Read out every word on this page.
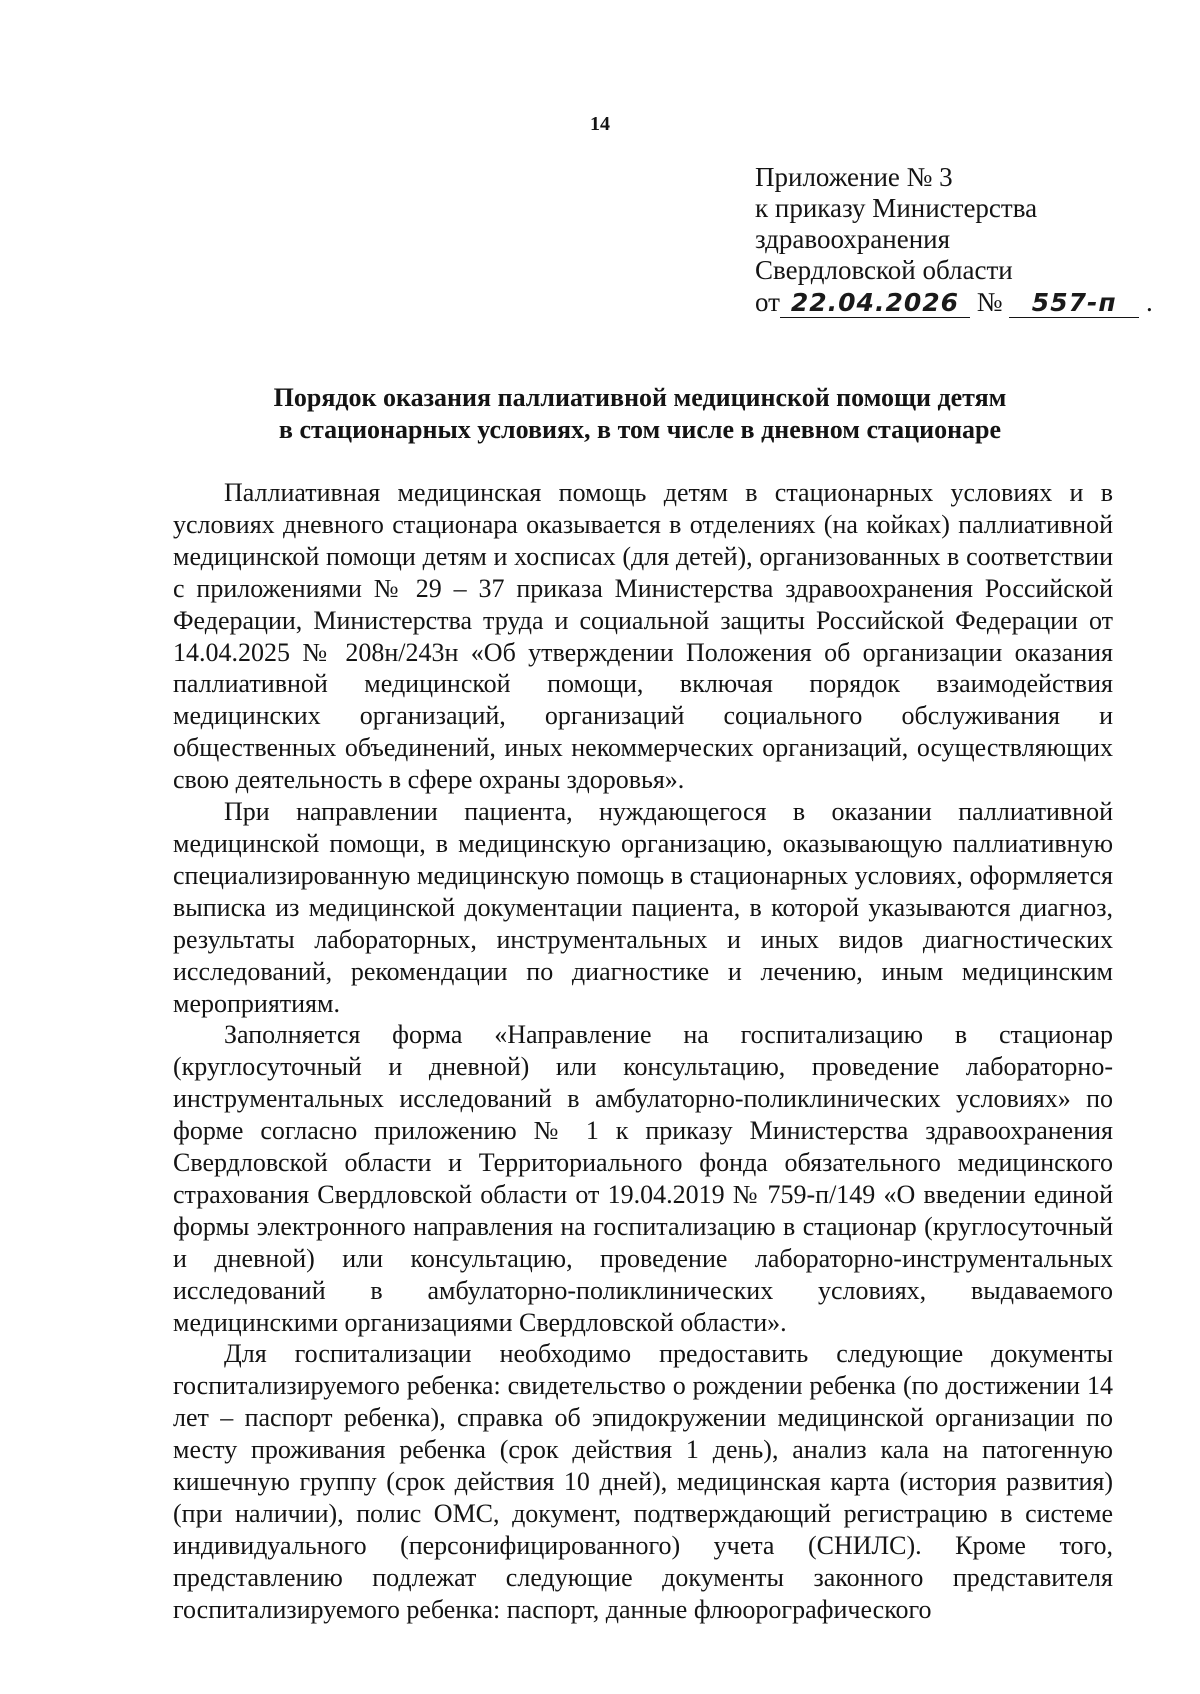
14
Приложение № 3
к приказу Министерства
здравоохранения
Свердловской области
от 22.04.2026 № 557-п .
Порядок оказания паллиативной медицинской помощи детям
в стационарных условиях, в том числе в дневном стационаре

Паллиативная медицинская помощь детям в стационарных условиях и в условиях дневного стационара оказывается в отделениях (на койках) паллиативной медицинской помощи детям и хосписах (для детей), организованных в соответствии с приложениями № 29 – 37 приказа Министерства здравоохранения Российской Федерации, Министерства труда и социальной защиты Российской Федерации от 14.04.2025 № 208н/243н «Об утверждении Положения об организации оказания паллиативной медицинской помощи, включая порядок взаимодействия медицинских организаций, организаций социального обслуживания и общественных объединений, иных некоммерческих организаций, осуществляющих свою деятельность в сфере охраны здоровья».

При направлении пациента, нуждающегося в оказании паллиативной медицинской помощи, в медицинскую организацию, оказывающую паллиативную специализированную медицинскую помощь в стационарных условиях, оформляется выписка из медицинской документации пациента, в которой указываются диагноз, результаты лабораторных, инструментальных и иных видов диагностических исследований, рекомендации по диагностике и лечению, иным медицинским мероприятиям.

Заполняется форма «Направление на госпитализацию в стационар (круглосуточный и дневной) или консультацию, проведение лабораторно-инструментальных исследований в амбулаторно-поликлинических условиях» по форме согласно приложению № 1 к приказу Министерства здравоохранения Свердловской области и Территориального фонда обязательного медицинского страхования Свердловской области от 19.04.2019 № 759-п/149 «О введении единой формы электронного направления на госпитализацию в стационар (круглосуточный и дневной) или консультацию, проведение лабораторно-инструментальных исследований в амбулаторно-поликлинических условиях, выдаваемого медицинскими организациями Свердловской области».

Для госпитализации необходимо предоставить следующие документы госпитализируемого ребенка: свидетельство о рождении ребенка (по достижении 14 лет – паспорт ребенка), справка об эпидокружении медицинской организации по месту проживания ребенка (срок действия 1 день), анализ кала на патогенную кишечную группу (срок действия 10 дней), медицинская карта (история развития) (при наличии), полис ОМС, документ, подтверждающий регистрацию в системе индивидуального (персонифицированного) учета (СНИЛС). Кроме того, представлению подлежат следующие документы законного представителя госпитализируемого ребенка: паспорт, данные флюорографического
